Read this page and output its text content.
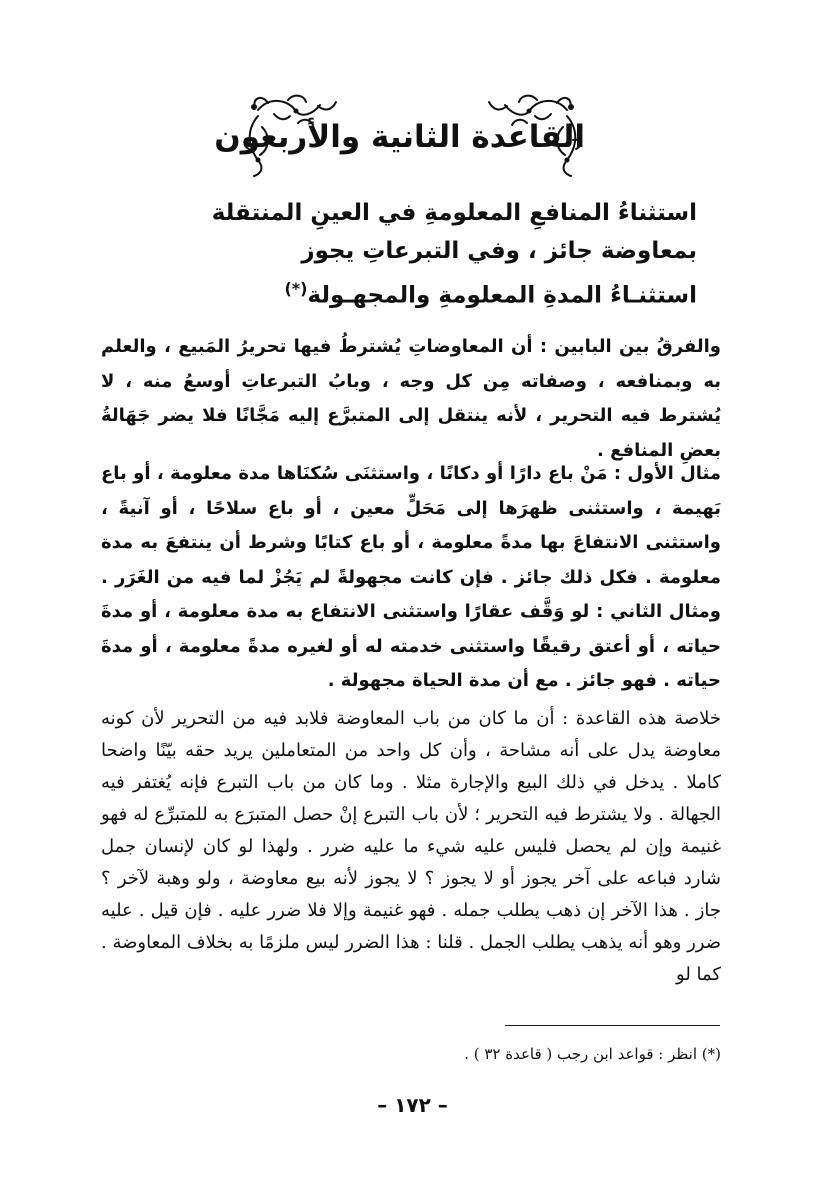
القاعدة الثانية والأربعون
استثناءُ المنافعِ المعلومةِ في العينِ المنتقلة
بمعاوضة جائز ، وفي التبرعاتِ يجوز
استثنـاءُ المدةِ المعلومةِ والمجهـولة(*)
والفرقُ بين البابين : أن المعاوضاتِ يُشترطُ فيها تحريرُ المَبيع ، والعلم به وبمنافعه ، وصفاته مِن كل وجه ، وبابُ التبرعاتِ أوسعُ منه ، لا يُشترط فيه التحرير ، لأنه ينتقل إلى المتبرَّع إليه مَجَّانًا فلا يضر جَهَالةُ بعضِ المنافع .
مثال الأول : مَنْ باع دارًا أو دكانًا ، واستثنَى سُكنَاها مدة معلومة ، أو باع بَهيمة ، واستثنى ظهرَها إلى مَحَلٍّ معين ، أو باع سلاحًا ، أو آنيةً ، واستثنى الانتفاعَ بها مدةً معلومة ، أو باع كتابًا وشرط أن ينتفعَ به مدة معلومة . فكل ذلك جائز . فإن كانت مجهولةً لم يَجُزْ لما فيه من الغَرَر . ومثال الثاني : لو وَقَّف عقارًا واستثنى الانتفاع به مدة معلومة ، أو مدةَ حياته ، أو أعتق رقيقًا واستثنى خدمته له أو لغيره مدةً معلومة ، أو مدةَ حياته . فهو جائز . مع أن مدة الحياة مجهولة .
خلاصة هذه القاعدة : أن ما كان من باب المعاوضة فلابد فيه من التحرير لأن كونه معاوضة يدل على أنه مشاحة ، وأن كل واحد من المتعاملين يريد حقه بيّنًا واضحا كاملا . يدخل في ذلك البيع والإجارة مثلا . وما كان من باب التبرع فإنه يُغتفر فيه الجهالة . ولا يشترط فيه التحرير ؛ لأن باب التبرع إنْ حصل المتبرَع به للمتبرِّع له فهو غنيمة وإن لم يحصل فليس عليه شيء ما عليه ضرر . ولهذا لو كان لإنسان جمل شارد فباعه على آخر يجوز أو لا يجوز ؟ لا يجوز لأنه بيع معاوضة ، ولو وهبة لآخر ؟ جاز . هذا الآخر إن ذهب يطلب جمله . فهو غنيمة وإلا فلا ضرر عليه . فإن قيل . عليه ضرر وهو أنه يذهب يطلب الجمل . قلنا : هذا الضرر ليس ملزمًا به بخلاف المعاوضة . كما لو
(*) انظر : قواعد ابن رجب ( قاعدة ٣٢ ) .
– ١٧٢ –
